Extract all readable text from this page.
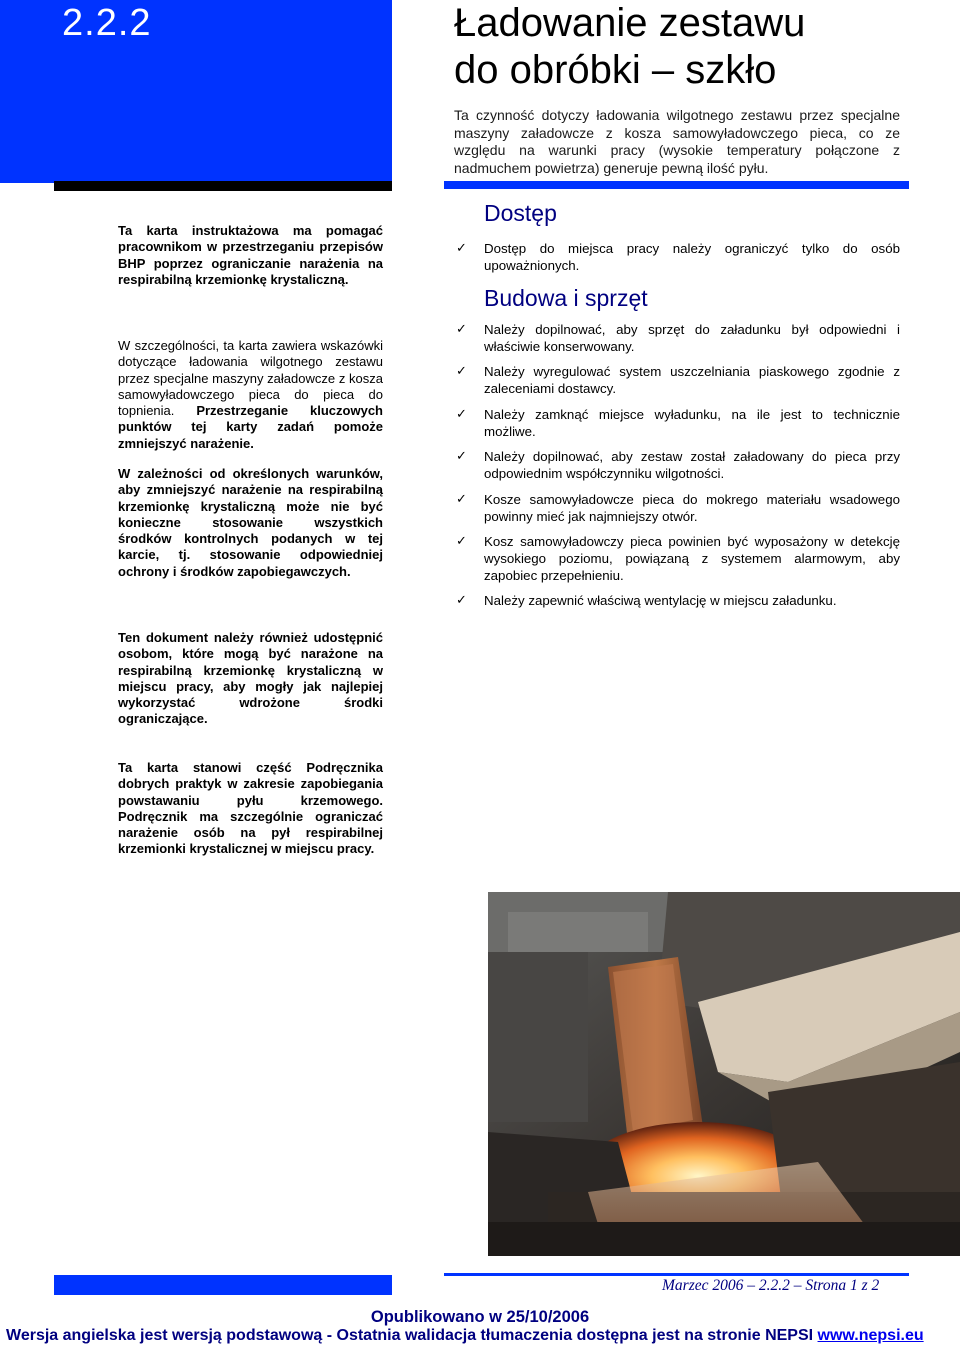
2.2.2	Ładowanie zestawu
do obróbki – szkło
Ta czynność dotyczy ładowania wilgotnego zestawu przez specjalne maszyny załadowcze z kosza samowyładowczego pieca, co ze względu na warunki pracy (wysokie temperatury połączone z nadmuchem powietrza) generuje pewną ilość pyłu.

Ta karta instruktażowa ma pomagać pracownikom w przestrzeganiu przepisów BHP poprzez ograniczanie narażenia na respirabilną krzemionkę krystaliczną.

W szczególności, ta karta zawiera wskazówki dotyczące ładowania wilgotnego zestawu przez specjalne maszyny załadowcze z kosza samowyładowczego pieca do pieca do topnienia. Przestrzeganie kluczowych punktów tej karty zadań pomoże zmniejszyć narażenie.

W zależności od określonych warunków, aby zmniejszyć narażenie na respirabilną krzemionkę krystaliczną może nie być konieczne stosowanie wszystkich środków kontrolnych podanych w tej karcie, tj. stosowanie odpowiedniej ochrony i środków zapobiegawczych.

Ten dokument należy również udostępnić osobom, które mogą być narażone na respirabilną krzemionkę krystaliczną w miejscu pracy, aby mogły jak najlepiej wykorzystać wdrożone środki ograniczające.

Ta karta stanowi część Podręcznika dobrych praktyk w zakresie zapobiegania powstawaniu pyłu krzemowego. Podręcznik ma szczególnie ograniczać narażenie osób na pył respirabilnej krzemionki krystalicznej w miejscu pracy.

Dostęp
✓ Dostęp do miejsca pracy należy ograniczyć tylko do osób upoważnionych.
Budowa i sprzęt
✓ Należy dopilnować, aby sprzęt do załadunku był odpowiedni i właściwie konserwowany.
✓ Należy wyregulować system uszczelniania piaskowego zgodnie z zaleceniami dostawcy.
✓ Należy zamknąć miejsce wyładunku, na ile jest to technicznie możliwe.
✓ Należy dopilnować, aby zestaw został załadowany do pieca przy odpowiednim współczynniku wilgotności.
✓ Kosze samowyładowcze pieca do mokrego materiału wsadowego powinny mieć jak najmniejszy otwór.
✓ Kosz samowyładowczy pieca powinien być wyposażony w detekcję wysokiego poziomu, powiązaną z systemem alarmowym, aby zapobiec przepełnieniu.
✓ Należy zapewnić właściwą wentylację w miejscu załadunku.
Marzec 2006 – 2.2.2 – Strona 1 z 2
Opublikowano w 25/10/2006
Wersja angielska jest wersją podstawową - Ostatnia walidacja tłumaczenia dostępna jest na stronie NEPSI www.nepsi.eu
